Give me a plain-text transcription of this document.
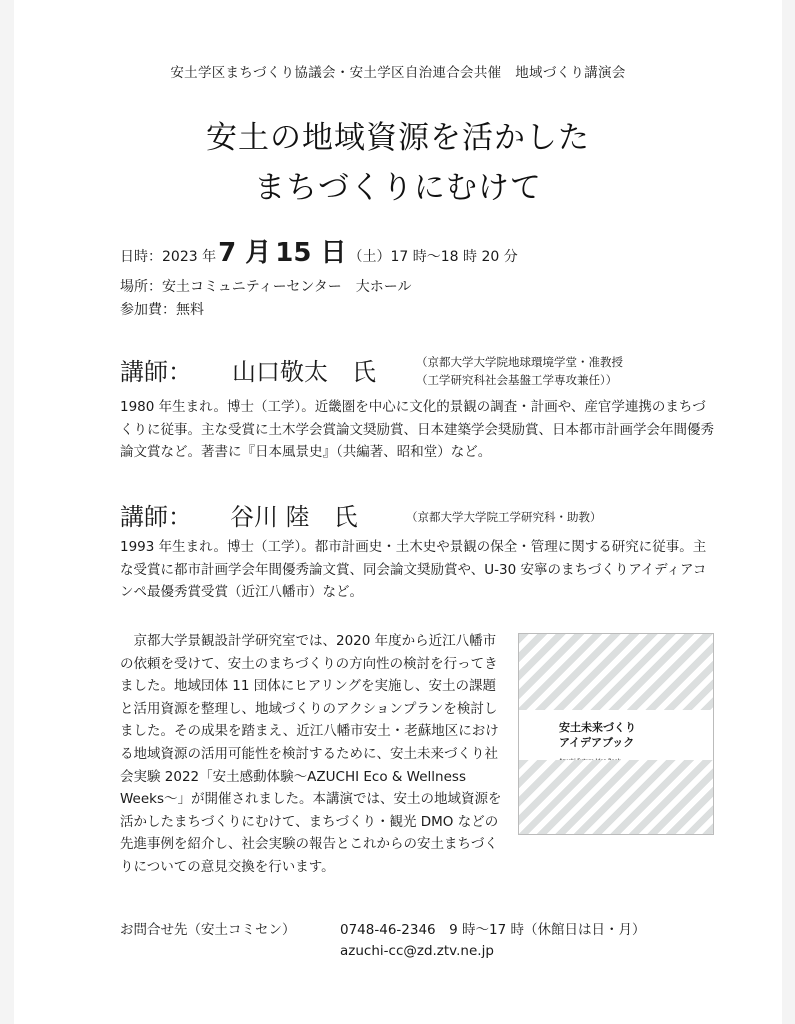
安土学区まちづくり協議会・安土学区自治連合会共催　地域づくり講演会
安土の地域資源を活かした
まちづくりにむけて
日時：2023 年 7 月 15 日 （土）17 時〜18 時 20 分
場所：安土コミュニティーセンター　大ホール
参加費：無料
講師： 山口敬太　氏	（京都大学大学院地球環境学堂・准教授
（工学研究科社会基盤工学専攻兼任））
1980 年生まれ。博士（工学）。近畿圏を中心に文化的景観の調査・計画や、産官学連携のまちづくりに従事。主な受賞に土木学会賞論文奨励賞、日本建築学会奨励賞、日本都市計画学会年間優秀論文賞など。著書に『日本風景史』（共編著、昭和堂）など。
講師： 谷川 陸　氏	（京都大学大学院工学研究科・助教）
1993 年生まれ。博士（工学）。都市計画史・土木史や景観の保全・管理に関する研究に従事。主な受賞に都市計画学会年間優秀論文賞、同会論文奨励賞や、U-30 安寧のまちづくりアイディアコンペ最優秀賞受賞（近江八幡市）など。
安土未来づくり
アイデアブック
　京都大学景観設計学研究室では、2020 年度から近江八幡市の依頼を受けて、安土のまちづくりの方向性の検討を行ってきました。地域団体 11 団体にヒアリングを実施し、安土の課題と活用資源を整理し、地域づくりのアクションプランを検討しました。その成果を踏まえ、近江八幡市安土・老蘇地区における地域資源の活用可能性を検討するために、安土未来づくり社会実験 2022「安土感動体験〜AZUCHI Eco & Wellness Weeks〜」が開催されました。本講演では、安土の地域資源を活かしたまちづくりにむけて、まちづくり・観光 DMO などの先進事例を紹介し、社会実験の報告とこれからの安土まちづくりについての意見交換を行います。
お問合せ先（安土コミセン）	0748-46-2346　9 時〜17 時（休館日は日・月）
azuchi-cc@zd.ztv.ne.jp
